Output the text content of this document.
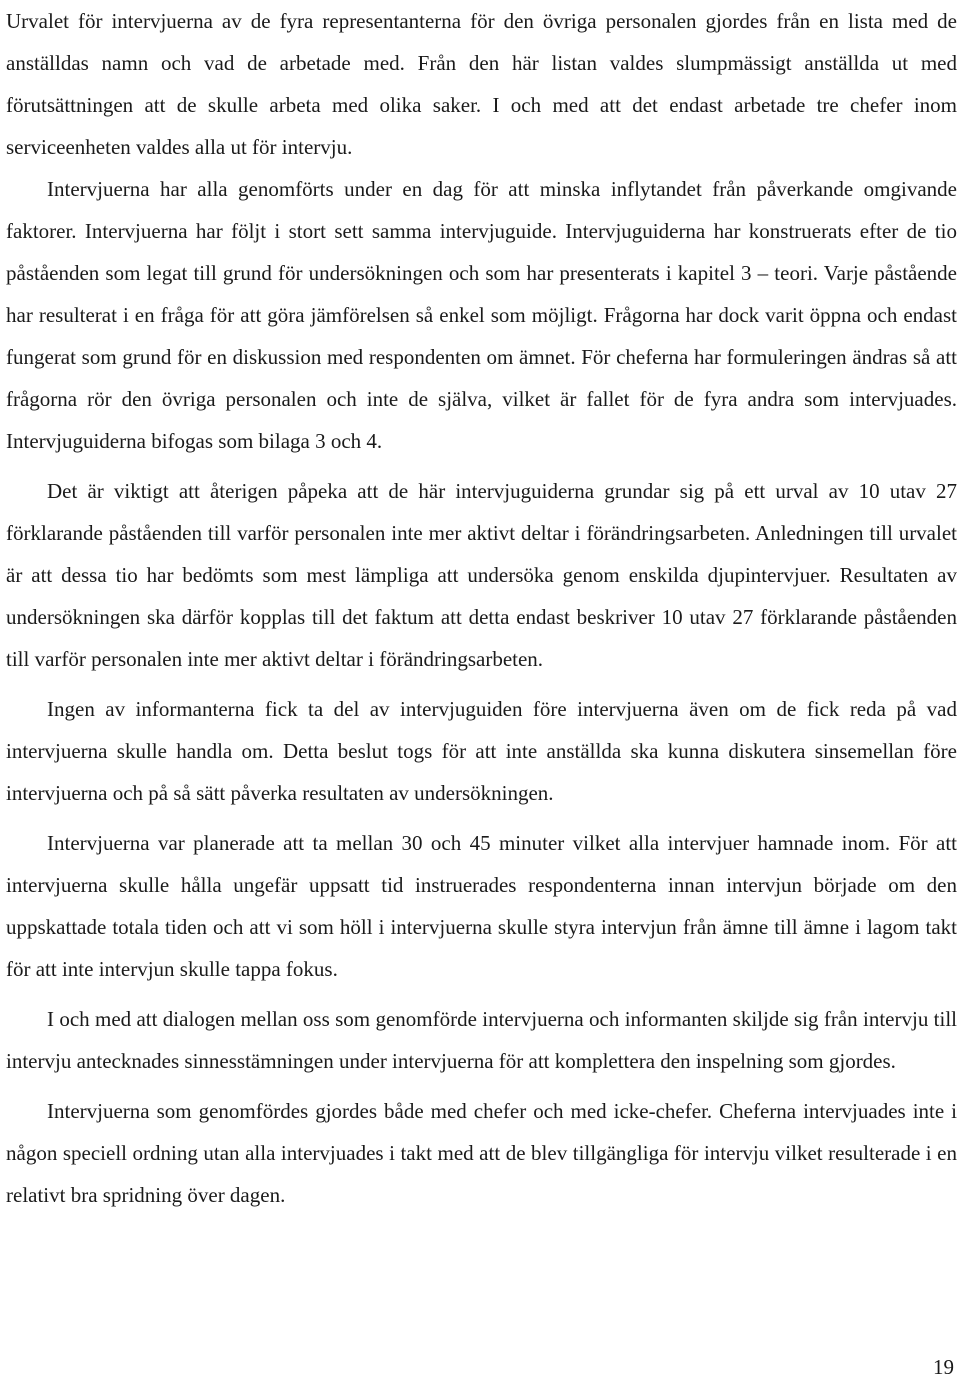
Urvalet för intervjuerna av de fyra representanterna för den övriga personalen gjordes från en lista med de anställdas namn och vad de arbetade med. Från den här listan valdes slumpmässigt anställda ut med förutsättningen att de skulle arbeta med olika saker. I och med att det endast arbetade tre chefer inom serviceenheten valdes alla ut för intervju.

Intervjuerna har alla genomförts under en dag för att minska inflytandet från påverkande omgivande faktorer. Intervjuerna har följt i stort sett samma intervjuguide. Intervjuguiderna har konstruerats efter de tio påståenden som legat till grund för undersökningen och som har presenterats i kapitel 3 – teori. Varje påstående har resulterat i en fråga för att göra jämförelsen så enkel som möjligt. Frågorna har dock varit öppna och endast fungerat som grund för en diskussion med respondenten om ämnet. För cheferna har formuleringen ändras så att frågorna rör den övriga personalen och inte de själva, vilket är fallet för de fyra andra som intervjuades. Intervjuguiderna bifogas som bilaga 3 och 4.

Det är viktigt att återigen påpeka att de här intervjuguiderna grundar sig på ett urval av 10 utav 27 förklarande påståenden till varför personalen inte mer aktivt deltar i förändringsarbeten. Anledningen till urvalet är att dessa tio har bedömts som mest lämpliga att undersöka genom enskilda djupintervjuer. Resultaten av undersökningen ska därför kopplas till det faktum att detta endast beskriver 10 utav 27 förklarande påståenden till varför personalen inte mer aktivt deltar i förändringsarbeten.

Ingen av informanterna fick ta del av intervjuguiden före intervjuerna även om de fick reda på vad intervjuerna skulle handla om. Detta beslut togs för att inte anställda ska kunna diskutera sinsemellan före intervjuerna och på så sätt påverka resultaten av undersökningen.

Intervjuerna var planerade att ta mellan 30 och 45 minuter vilket alla intervjuer hamnade inom. För att intervjuerna skulle hålla ungefär uppsatt tid instruerades respondenterna innan intervjun började om den uppskattade totala tiden och att vi som höll i intervjuerna skulle styra intervjun från ämne till ämne i lagom takt för att inte intervjun skulle tappa fokus.

I och med att dialogen mellan oss som genomförde intervjuerna och informanten skiljde sig från intervju till intervju antecknades sinnesstämningen under intervjuerna för att komplettera den inspelning som gjordes.

Intervjuerna som genomfördes gjordes både med chefer och med icke-chefer. Cheferna intervjuades inte i någon speciell ordning utan alla intervjuades i takt med att de blev tillgängliga för intervju vilket resulterade i en relativt bra spridning över dagen.

19
